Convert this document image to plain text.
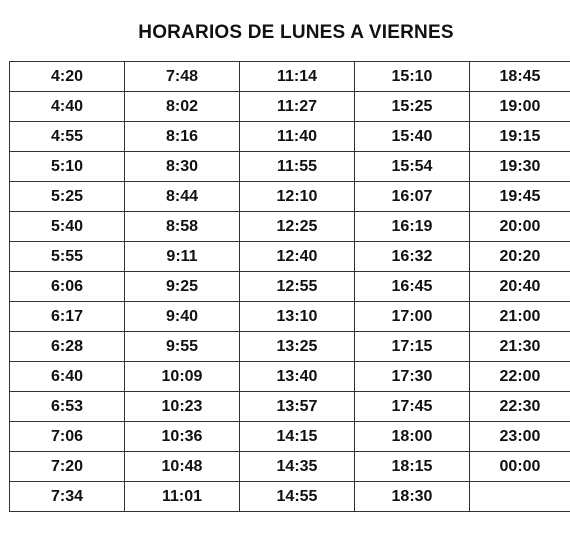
HORARIOS DE LUNES A VIERNES
4:20	7:48	11:14	15:10	18:45
4:40	8:02	11:27	15:25	19:00
4:55	8:16	11:40	15:40	19:15
5:10	8:30	11:55	15:54	19:30
5:25	8:44	12:10	16:07	19:45
5:40	8:58	12:25	16:19	20:00
5:55	9:11	12:40	16:32	20:20
6:06	9:25	12:55	16:45	20:40
6:17	9:40	13:10	17:00	21:00
6:28	9:55	13:25	17:15	21:30
6:40	10:09	13:40	17:30	22:00
6:53	10:23	13:57	17:45	22:30
7:06	10:36	14:15	18:00	23:00
7:20	10:48	14:35	18:15	00:00
7:34	11:01	14:55	18:30	
